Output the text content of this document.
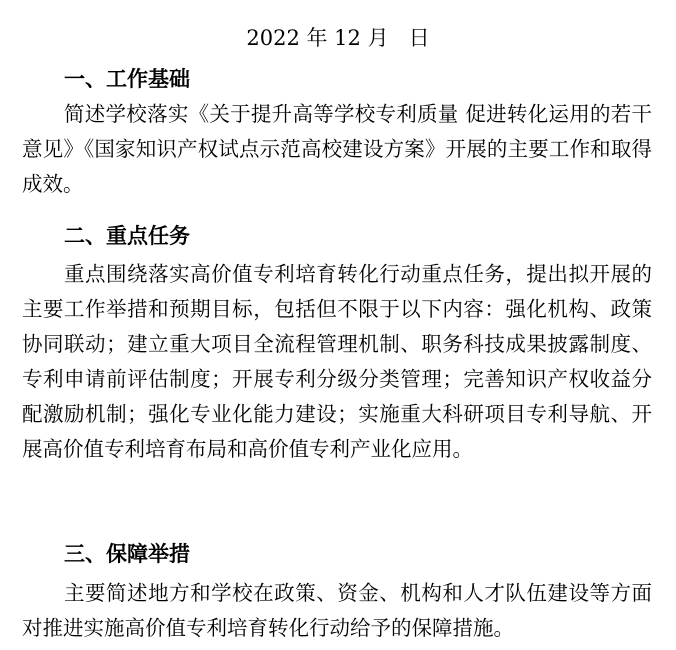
2022 年 12 月   日
一、工作基础

简述学校落实《关于提升高等学校专利质量 促进转化运用的若干意见》《国家知识产权试点示范高校建设方案》开展的主要工作和取得成效。

二、重点任务

重点围绕落实高价值专利培育转化行动重点任务，提出拟开展的主要工作举措和预期目标，包括但不限于以下内容：强化机构、政策协同联动；建立重大项目全流程管理机制、职务科技成果披露制度、专利申请前评估制度；开展专利分级分类管理；完善知识产权收益分配激励机制；强化专业化能力建设；实施重大科研项目专利导航、开展高价值专利培育布局和高价值专利产业化应用。

三、保障举措

主要简述地方和学校在政策、资金、机构和人才队伍建设等方面对推进实施高价值专利培育转化行动给予的保障措施。
